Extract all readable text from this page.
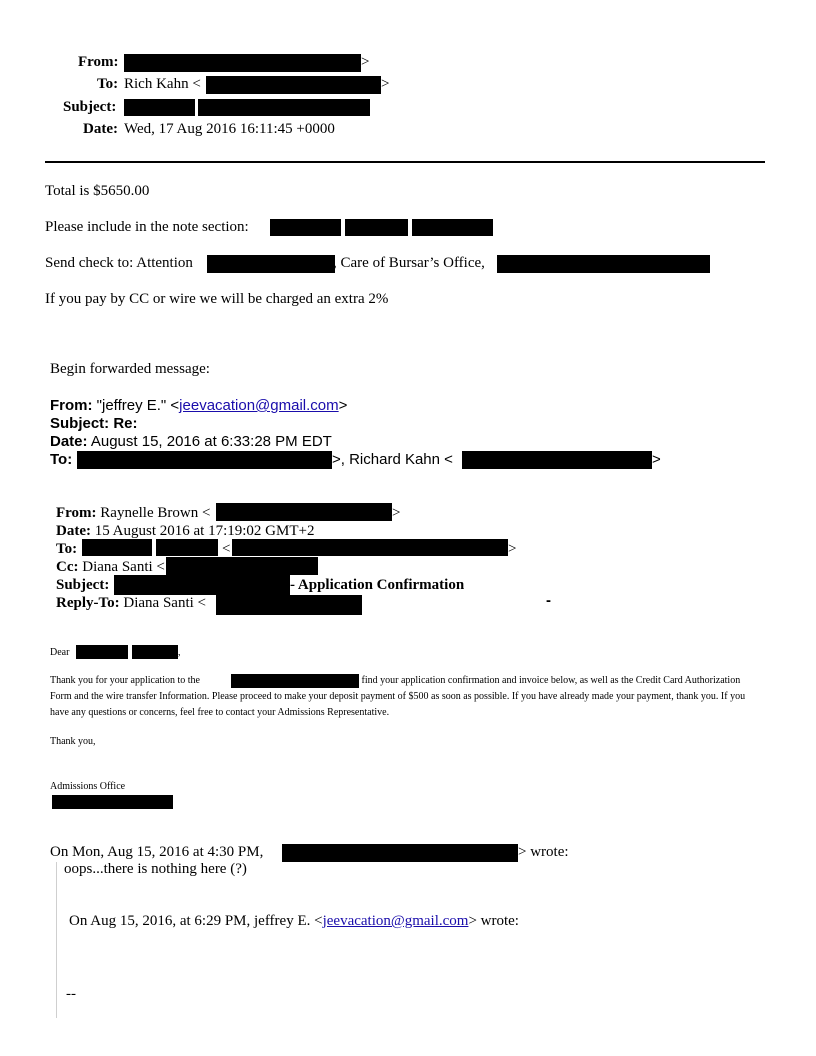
From:	>
To: Rich Kahn <	>
Subject:
Date: Wed, 17 Aug 2016 16:11:45 +0000
Total is $5650.00
Please include in the note section:
Send check to: Attention	, Care of Bursar’s Office,
If you pay by CC or wire we will be charged an extra 2%
Begin forwarded message:
From: "jeffrey E." <jeevacation@gmail.com>
Subject: Re:
Date: August 15, 2016 at 6:33:28 PM EDT
To:	>, Richard Kahn <	>
From: Raynelle Brown <	>
Date: 15 August 2016 at 17:19:02 GMT+2
To:	<	>
Cc: Diana Santi <
Subject:	- Application Confirmation
Reply-To: Diana Santi <	-
Dear	,
Thank you for your application to the	Please find your application confirmation and invoice below, as well as the Credit Card Authorization Form and the wire transfer Information. Please proceed to make your deposit payment of $500 as soon as possible. If you have already made your payment, thank you. If you have any questions or concerns, feel free to contact your Admissions Representative.
Thank you,
Admissions Office
On Mon, Aug 15, 2016 at 4:30 PM,	> wrote:
oops...there is nothing here (?)
On Aug 15, 2016, at 6:29 PM, jeffrey E. <jeevacation@gmail.com> wrote:
--
